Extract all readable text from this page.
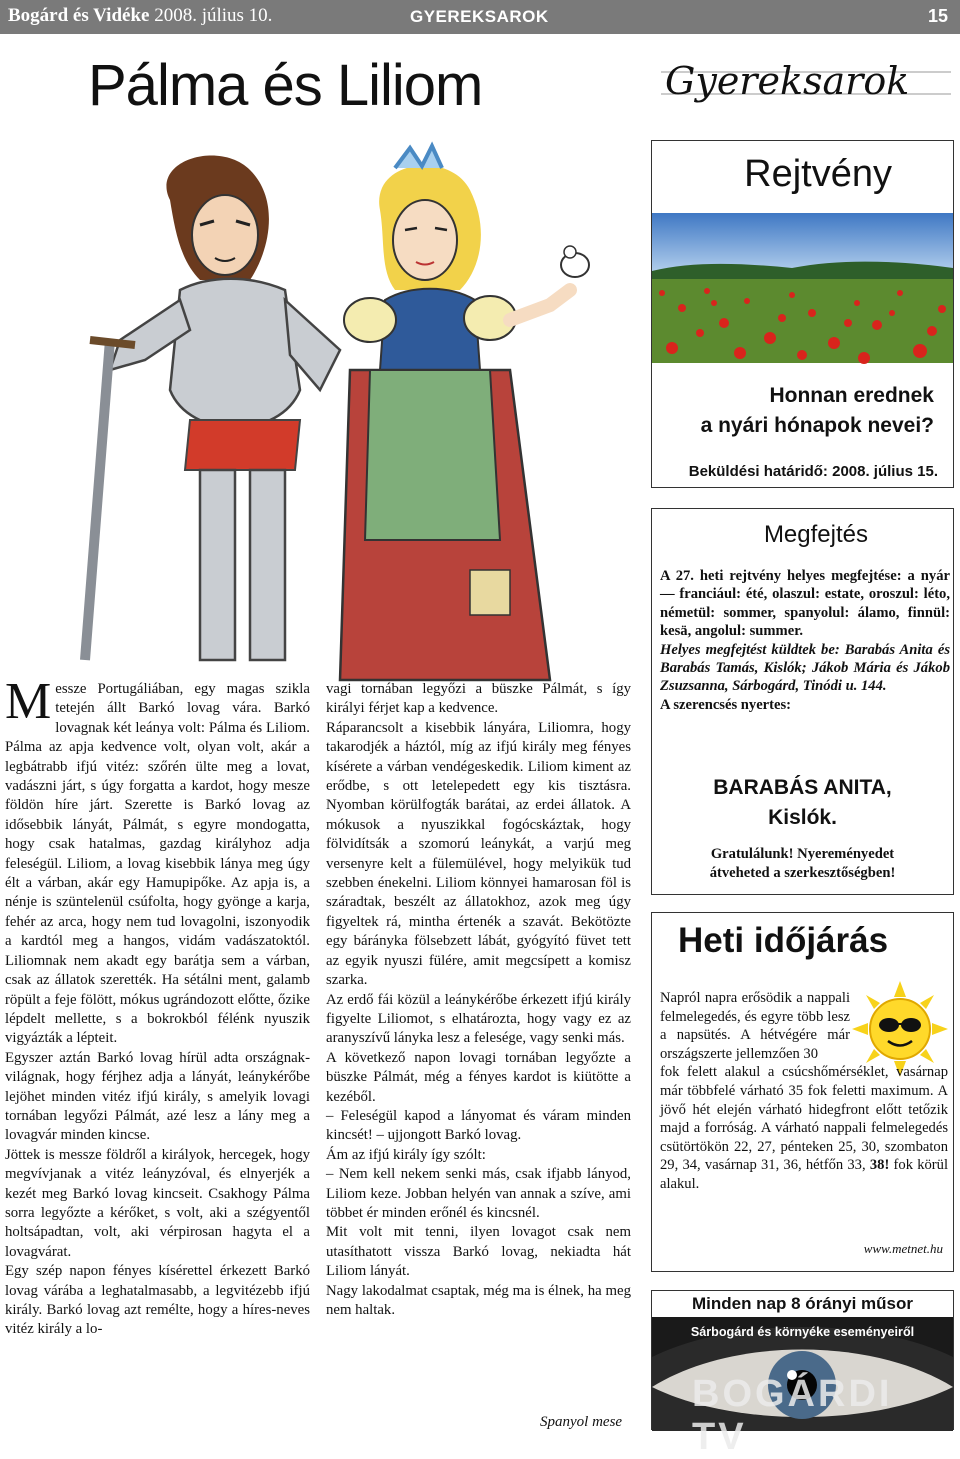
Bogárd és Vidéke 2008. július 10.	GYEREKSAROK	15
Pálma és Liliom

Messze Portugáliában, egy magas szikla tetején állt Barkó lovag vára. Barkó lovagnak két leánya volt: Pálma és Liliom. Pálma az apja kedvence volt, olyan volt, akár a legbátrabb ifjú vitéz: szőrén ülte meg a lovat, vadászni járt, s úgy forgatta a kardot, hogy mesze földön híre járt. Szerette is Barkó lovag az idősebbik lányát, Pálmát, s egyre mondogatta, hogy csak hatalmas, gazdag királyhoz adja feleségül. Liliom, a lovag kisebbik lánya meg úgy élt a várban, akár egy Hamupipőke. Az apja is, a nénje is szüntelenül csúfolta, hogy gyönge a karja, fehér az arca, hogy nem tud lovagolni, iszonyodik a kardtól meg a hangos, vidám vadászatoktól. Liliomnak nem akadt egy barátja sem a várban, csak az állatok szerették. Ha sétálni ment, galamb röpült a feje fölött, mókus ugrándozott előtte, őzike lépdelt mellette, s a bokrokból félénk nyuszik vigyázták a lépteit.

Egyszer aztán Barkó lovag hírül adta országnak-világnak, hogy férjhez adja a lányát, leánykérőbe lejöhet minden vitéz ifjú király, s amelyik lovagi tornában legyőzi Pálmát, azé lesz a lány meg a lovagvár minden kincse.

Jöttek is messze földről a királyok, hercegek, hogy megvívjanak a vitéz leányzóval, és elnyerjék a kezét meg Barkó lovag kincseit. Csakhogy Pálma sorra legyőzte a kérőket, s volt, aki a szégyentől holtsápadtan, volt, aki vérpirosan hagyta el a lovagvárat.

Egy szép napon fényes kísérettel érkezett Barkó lovag várába a leghatalmasabb, a legvitézebb ifjú király. Barkó lovag azt remélte, hogy a híres-neves vitéz király a lo-

vagi tornában legyőzi a büszke Pálmát, s így királyi férjet kap a kedvence.

Ráparancsolt a kisebbik lányára, Liliomra, hogy takarodjék a háztól, míg az ifjú király meg fényes kísérete a várban vendégeskedik. Liliom kiment az erődbe, s ott letelepedett egy kis tisztásra. Nyomban körülfogták barátai, az erdei állatok. A mókusok a nyuszikkal fogócskáztak, hogy fölvidítsák a szomorú leánykát, a varjú meg versenyre kelt a fülemülével, hogy melyikük tud szebben énekelni. Liliom könnyei hamarosan föl is száradtak, beszélt az állatokhoz, azok meg úgy figyeltek rá, mintha értenék a szavát. Bekötözte egy bárányka fölsebzett lábát, gyógyító füvet tett az egyik nyuszi fülére, amit megcsípett a komisz szarka.

Az erdő fái közül a leánykérőbe érkezett ifjú király figyelte Liliomot, s elhatározta, hogy vagy ez az aranyszívű lányka lesz a felesége, vagy senki más.

A következő napon lovagi tornában legyőzte a büszke Pálmát, még a fényes kardot is kiütötte a kezéből.

– Feleségül kapod a lányomat és váram minden kincsét! – ujjongott Barkó lovag.

Ám az ifjú király így szólt:

– Nem kell nekem senki más, csak ifjabb lányod, Liliom keze. Jobban helyén van annak a szíve, ami többet ér minden erőnél és kincsnél.

Mit volt mit tenni, ilyen lovagot csak nem utasíthatott vissza Barkó lovag, nekiadta hát Liliom lányát.

Nagy lakodalmat csaptak, még ma is élnek, ha meg nem haltak.

Spanyol mese
Gyereksarok
Rejtvény
Honnan erednek
a nyári hónapok nevei?
Beküldési határidő: 2008. július 15.
Megfejtés
A 27. heti rejtvény helyes megfejtése: a nyár — franciául: été, olaszul: estate, oroszul: léto, németül: sommer, spanyolul: álamo, finnül: kesä, angolul: summer.
Helyes megfejtést küldtek be: Barabás Anita és Barabás Tamás, Kislók; Jákob Mária és Jákob Zsuzsanna, Sárbogárd, Tinódi u. 144.
A szerencsés nyertes:
BARABÁS ANITA,
Kislók.
Gratulálunk! Nyereményedet
átveheted a szerkesztőségben!
Heti időjárás
Napról napra erősödik a nappali felmelegedés, és egyre több lesz a napsütés. A hétvégére már országszerte jellemzően 30
fok felett alakul a csúcshőmérséklet, vasárnap már többfelé várható 35 fok feletti maximum. A jövő hét elején várható hidegfront előtt tetőzik majd a forróság. A várható nappali felmelegedés csütörtökön 22, 27, pénteken 25, 30, szombaton 29, 34, vasárnap 31, 36, hétfőn 33, 38! fok körül alakul.
www.metnet.hu
Minden nap 8 órányi műsor
Sárbogárd és környéke eseményeiről
BOGÁRDI TV
